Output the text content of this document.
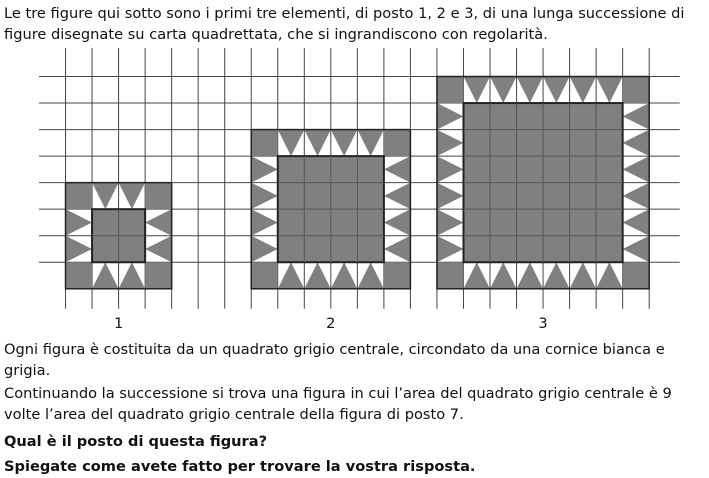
Le tre figure qui sotto sono i primi tre elementi, di posto 1, 2 e 3, di una lunga successione di figure disegnate su carta quadrettata, che si ingrandiscono con regolarità.

1	2	3

Ogni figura è costituita da un quadrato grigio centrale, circondato da una cornice bianca e grigia.

Continuando la successione si trova una figura in cui l’area del quadrato grigio centrale è 9 volte l’area del quadrato grigio centrale della figura di posto 7.

Qual è il posto di questa figura?

Spiegate come avete fatto per trovare la vostra risposta.
